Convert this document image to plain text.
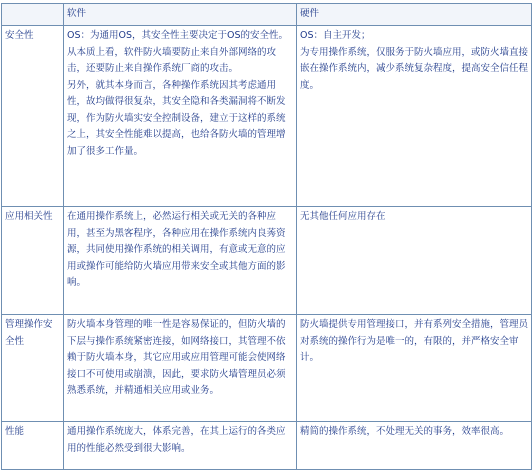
	软件	硬件
安全性	OS：为通用OS，其安全性主要决定于OS的安全性。
从本质上看，软件防火墙要防止来自外部网络的攻击，还要防止来自操作系统厂商的攻击。
另外，就其本身而言，各种操作系统因其考虑通用性，故均做得很复杂，其安全隐和各类漏洞将不断发现，作为防火墙实安全控制设备，建立于这样的系统之上，其安全性能难以提高，也给各防火墙的管理增加了很多工作量。	OS：自主开发；
为专用操作系统，仅服务于防火墙应用，或防火墙直接嵌在操作系统内，减少系统复杂程度，提高安全信任程度。

应用相关性	在通用操作系统上，必然运行相关或无关的各种应用，甚至为黑客程序，各种应用在操作系统内良莠资源，共同使用操作系统的相关调用，有意或无意的应用或操作可能给防火墙应用带来安全或其他方面的影响。	无其他任何应用存在

管理操作安全性	防火墙本身管理的唯一性是容易保证的，但防火墙的下层与操作系统紧密连接，如网络接口，其管理不依赖于防火墙本身，其它应用或应用管理可能会使网络接口不可使用或崩溃，因此，要求防火墙管理员必须熟悉系统，并精通相关应用或业务。	防火墙提供专用管理接口，并有系列安全措施，管理员对系统的操作行为是唯一的，有限的，并严格安全审计。

性能	通用操作系统庞大，体系完善，在其上运行的各类应用的性能必然受到很大影响。	精简的操作系统，不处理无关的事务，效率很高。
